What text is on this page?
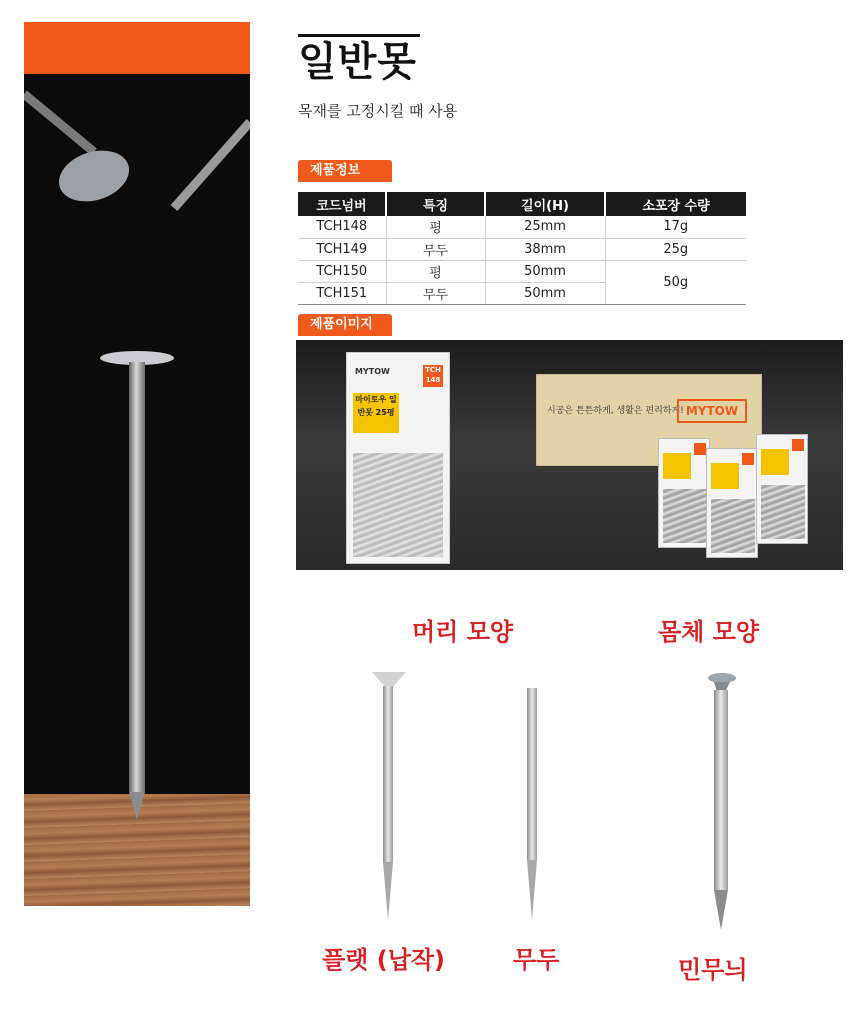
일반못
목재를 고정시킬 때 사용
제품정보
코드넘버	특징	길이(H)	소포장 수량
TCH148	평	25mm	17g
TCH149	무두	38mm	25g
TCH150	평	50mm	50g
TCH151	무두	50mm	
제품이미지
MYTOW	TCH 148
마이토우 일반못 25평	시공은 튼튼하게, 생활은 편리하게! MYTOW
머리 모양	몸체 모양
플랫 (납작)	무두	민무늬
